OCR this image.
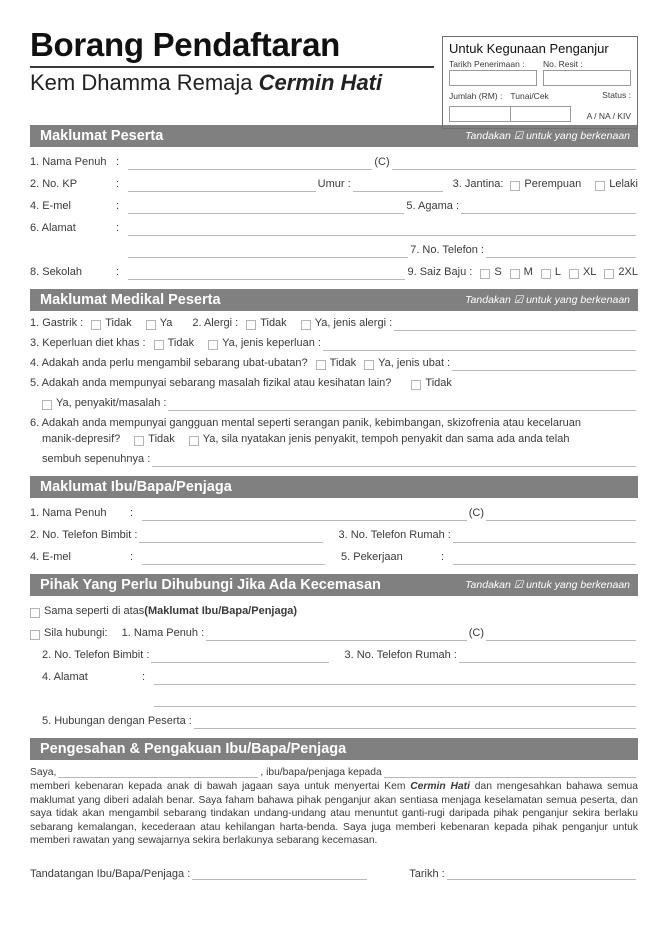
Borang Pendaftaran
Kem Dhamma Remaja Cermin Hati
Untuk Kegunaan Penganjur
Tarikh Penerimaan :	No. Resit :
Jumlah (RM) : Tunai/Cek	Status :
A / NA / KIV
Maklumat Peserta	Tandakan ☑ untuk yang berkenaan
1. Nama Penuh :	(C)
2. No. KP	:	Umur :	3. Jantina :	Perempuan	Lelaki
4. E-mel	:	5. Agama :
6. Alamat	:
7. No. Telefon :
8. Sekolah	:	9. Saiz Baju : S M L XL 2XL
Maklumat Medikal Peserta	Tandakan ☑ untuk yang berkenaan
1. Gastrik : Tidak	Ya 2. Alergi : Tidak	Ya, jenis alergi :
3. Keperluan diet khas : Tidak	Ya, jenis keperluan :
4. Adakah anda perlu mengambil sebarang ubat-ubatan? Tidak Ya, jenis ubat :
5. Adakah anda mempunyai sebarang masalah fizikal atau kesihatan lain?	Tidak
Ya, penyakit/masalah :
6. Adakah anda mempunyai gangguan mental seperti serangan panik, kebimbangan, skizofrenia atau kecelaruan
manik-depresif?	Tidak	Ya, sila nyatakan jenis penyakit, tempoh penyakit dan sama ada anda telah
sembuh sepenuhnya :
Maklumat Ibu/Bapa/Penjaga
1. Nama Penuh	:	(C)
2. No. Telefon Bimbit :	3. No. Telefon Rumah :
4. E-mel	:	5. Pekerjaan	:
Pihak Yang Perlu Dihubungi Jika Ada Kecemasan	Tandakan ☑ untuk yang berkenaan
Sama seperti di atas (Maklumat Ibu/Bapa/Penjaga)
Sila hubungi: 1. Nama Penuh :	(C)
2. No. Telefon Bimbit :	3. No. Telefon Rumah :
4. Alamat	:
5. Hubungan dengan Peserta :
Pengesahan & Pengakuan Ibu/Bapa/Penjaga
Saya,	, ibu/bapa/penjaga kepada

memberi kebenaran kepada anak di bawah jagaan saya untuk menyertai Kem Cermin Hati dan mengesahkan bahawa semua maklumat yang diberi adalah benar. Saya faham bahawa pihak penganjur akan sentiasa menjaga keselamatan semua peserta, dan saya tidak akan mengambil sebarang tindakan undang-undang atau menuntut ganti-rugi daripada pihak penganjur sekira berlaku sebarang kemalangan, kecederaan atau kehilangan harta-benda. Saya juga memberi kebenaran kepada pihak penganjur untuk memberi rawatan yang sewajarnya sekira berlakunya sebarang kecemasan.

Tandatangan Ibu/Bapa/Penjaga :	Tarikh :
